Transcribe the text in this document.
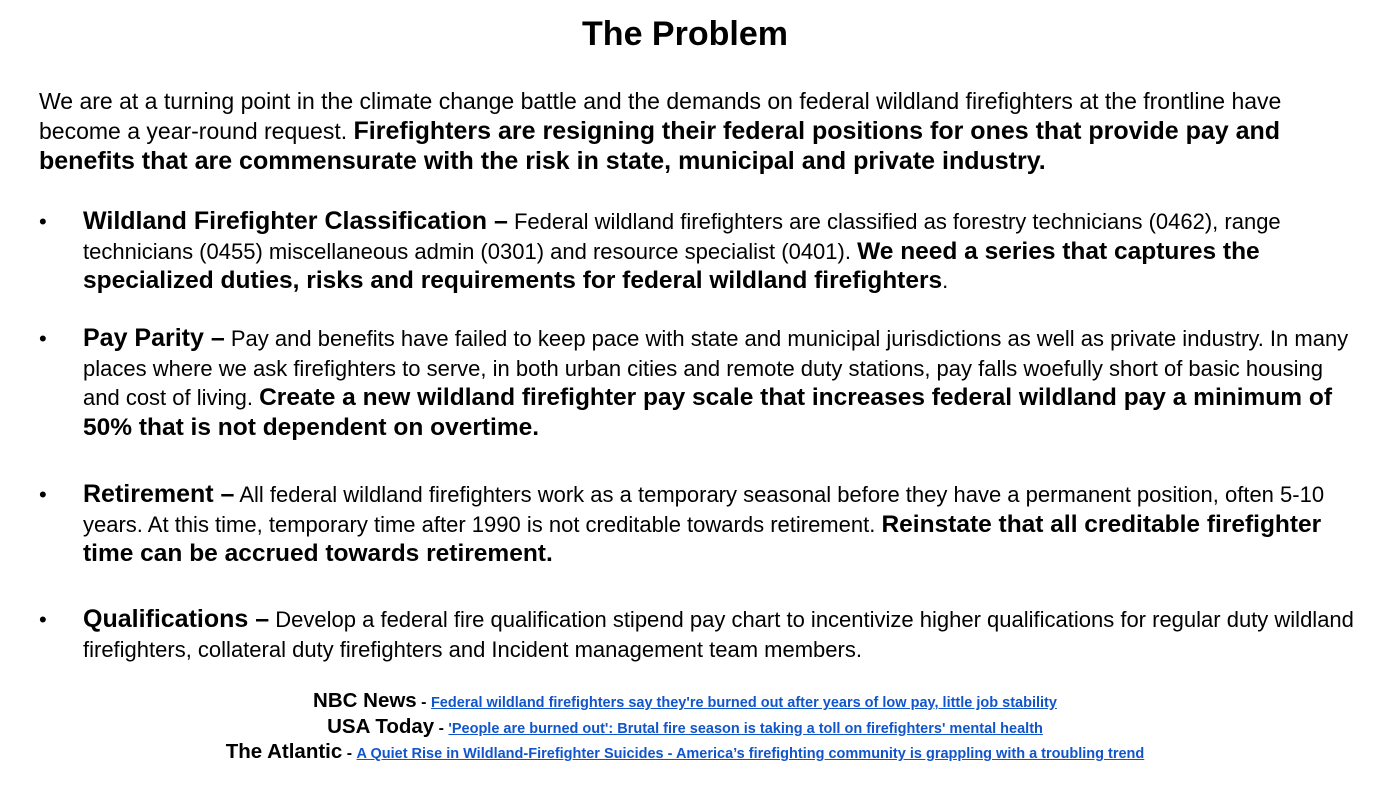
The Problem
We are at a turning point in the climate change battle and the demands on federal wildland firefighters at the frontline have become a year-round request. Firefighters are resigning their federal positions for ones that provide pay and benefits that are commensurate with the risk in state, municipal and private industry.
• Wildland Firefighter Classification – Federal wildland firefighters are classified as forestry technicians (0462), range technicians (0455) miscellaneous admin (0301) and resource specialist (0401). We need a series that captures the specialized duties, risks and requirements for federal wildland firefighters.
• Pay Parity – Pay and benefits have failed to keep pace with state and municipal jurisdictions as well as private industry. In many places where we ask firefighters to serve, in both urban cities and remote duty stations, pay falls woefully short of basic housing and cost of living. Create a new wildland firefighter pay scale that increases federal wildland pay a minimum of 50% that is not dependent on overtime.
• Retirement – All federal wildland firefighters work as a temporary seasonal before they have a permanent position, often 5-10 years. At this time, temporary time after 1990 is not creditable towards retirement. Reinstate that all creditable firefighter time can be accrued towards retirement.
• Qualifications – Develop a federal fire qualification stipend pay chart to incentivize higher qualifications for regular duty wildland firefighters, collateral duty firefighters and Incident management team members.
NBC News - Federal wildland firefighters say they're burned out after years of low pay, little job stability
USA Today - 'People are burned out': Brutal fire season is taking a toll on firefighters' mental health
The Atlantic - A Quiet Rise in Wildland-Firefighter Suicides - America’s firefighting community is grappling with a troubling trend
